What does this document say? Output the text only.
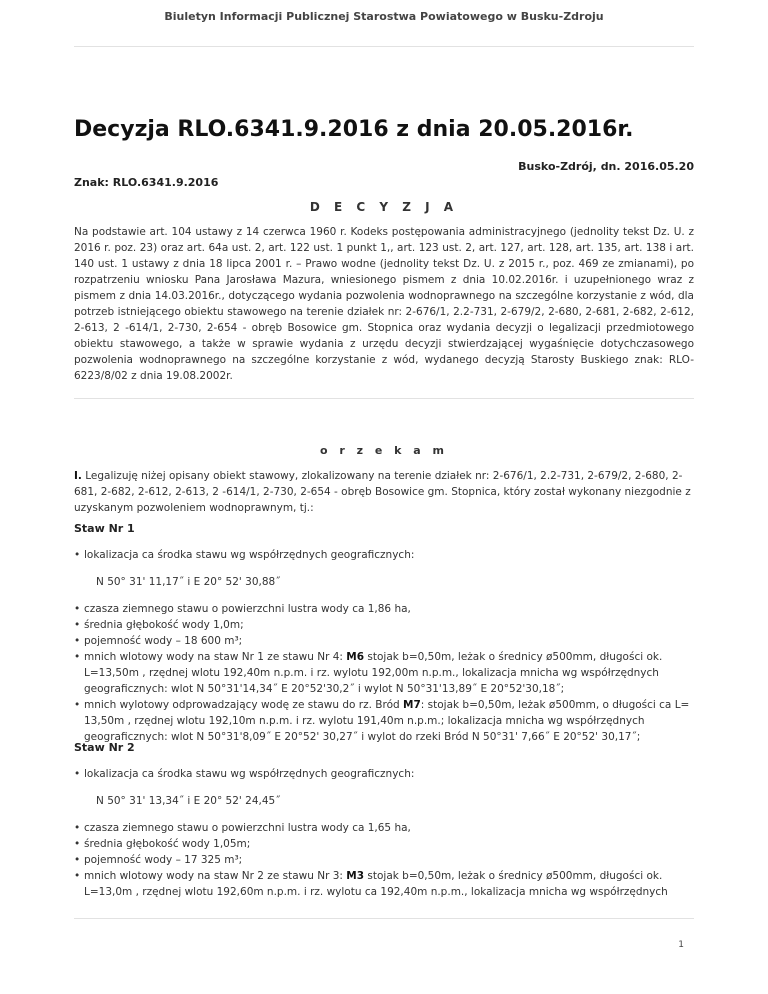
Biuletyn Informacji Publicznej Starostwa Powiatowego w Busku-Zdroju
Decyzja RLO.6341.9.2016 z dnia 20.05.2016r.
Busko-Zdrój, dn. 2016.05.20
Znak: RLO.6341.9.2016
D E C Y Z J A

Na podstawie art. 104 ustawy z 14 czerwca 1960 r. Kodeks postępowania administracyjnego (jednolity tekst Dz. U. z 2016 r. poz. 23) oraz art. 64a ust. 2, art. 122 ust. 1 punkt 1,, art. 123 ust. 2, art. 127, art. 128, art. 135, art. 138 i art. 140 ust. 1 ustawy z dnia 18 lipca 2001 r. – Prawo wodne (jednolity tekst Dz. U. z 2015 r., poz. 469 ze zmianami), po rozpatrzeniu wniosku Pana Jarosława Mazura, wniesionego pismem z dnia 10.02.2016r. i uzupełnionego wraz z pismem z dnia 14.03.2016r., dotyczącego wydania pozwolenia wodnoprawnego na szczególne korzystanie z wód, dla potrzeb istniejącego obiektu stawowego na terenie działek nr: 2-676/1, 2.2-731, 2-679/2, 2-680, 2-681, 2-682, 2-612, 2-613, 2 -614/1, 2-730, 2-654 - obręb Bosowice gm. Stopnica oraz wydania decyzji o legalizacji przedmiotowego obiektu stawowego, a także w sprawie wydania z urzędu decyzji stwierdzającej wygaśnięcie dotychczasowego pozwolenia wodnoprawnego na szczególne korzystanie z wód, wydanego decyzją Starosty Buskiego znak: RLO-6223/8/02 z dnia 19.08.2002r.

o r z e k a m

I. Legalizuję niżej opisany obiekt stawowy, zlokalizowany na terenie działek nr: 2-676/1, 2.2-731, 2-679/2, 2-680, 2-681, 2-682, 2-612, 2-613, 2 -614/1, 2-730, 2-654 - obręb Bosowice gm. Stopnica, który został wykonany niezgodnie z uzyskanym pozwoleniem wodnoprawnym, tj.:

Staw Nr 1
• lokalizacja ca środka stawu wg współrzędnych geograficznych:
N 50° 31' 11,17˝ i E 20° 52' 30,88˝
• czasza ziemnego stawu o powierzchni lustra wody ca 1,86 ha,
• średnia głębokość wody 1,0m;
• pojemność wody – 18 600 m³;
• mnich wlotowy wody na staw Nr 1 ze stawu Nr 4: M6 stojak b=0,50m, leżak o średnicy ø500mm, długości ok. L=13,50m , rzędnej wlotu 192,40m n.p.m. i rz. wylotu 192,00m n.p.m., lokalizacja mnicha wg współrzędnych geograficznych: wlot N 50°31'14,34˝ E 20°52'30,2˝ i wylot N 50°31'13,89˝ E 20°52'30,18˝;
• mnich wylotowy odprowadzający wodę ze stawu do rz. Bród M7: stojak b=0,50m, leżak ø500mm, o długości ca L= 13,50m , rzędnej wlotu 192,10m n.p.m. i rz. wylotu 191,40m n.p.m.; lokalizacja mnicha wg współrzędnych geograficznych: wlot N 50°31'8,09˝ E 20°52' 30,27˝ i wylot do rzeki Bród N 50°31' 7,66˝ E 20°52' 30,17˝;
Staw Nr 2
• lokalizacja ca środka stawu wg współrzędnych geograficznych:
N 50° 31' 13,34˝ i E 20° 52' 24,45˝
• czasza ziemnego stawu o powierzchni lustra wody ca 1,65 ha,
• średnia głębokość wody 1,05m;
• pojemność wody – 17 325 m³;
• mnich wlotowy wody na staw Nr 2 ze stawu Nr 3: M3 stojak b=0,50m, leżak o średnicy ø500mm, długości ok. L=13,0m , rzędnej wlotu 192,60m n.p.m. i rz. wylotu ca 192,40m n.p.m., lokalizacja mnicha wg współrzędnych
1
